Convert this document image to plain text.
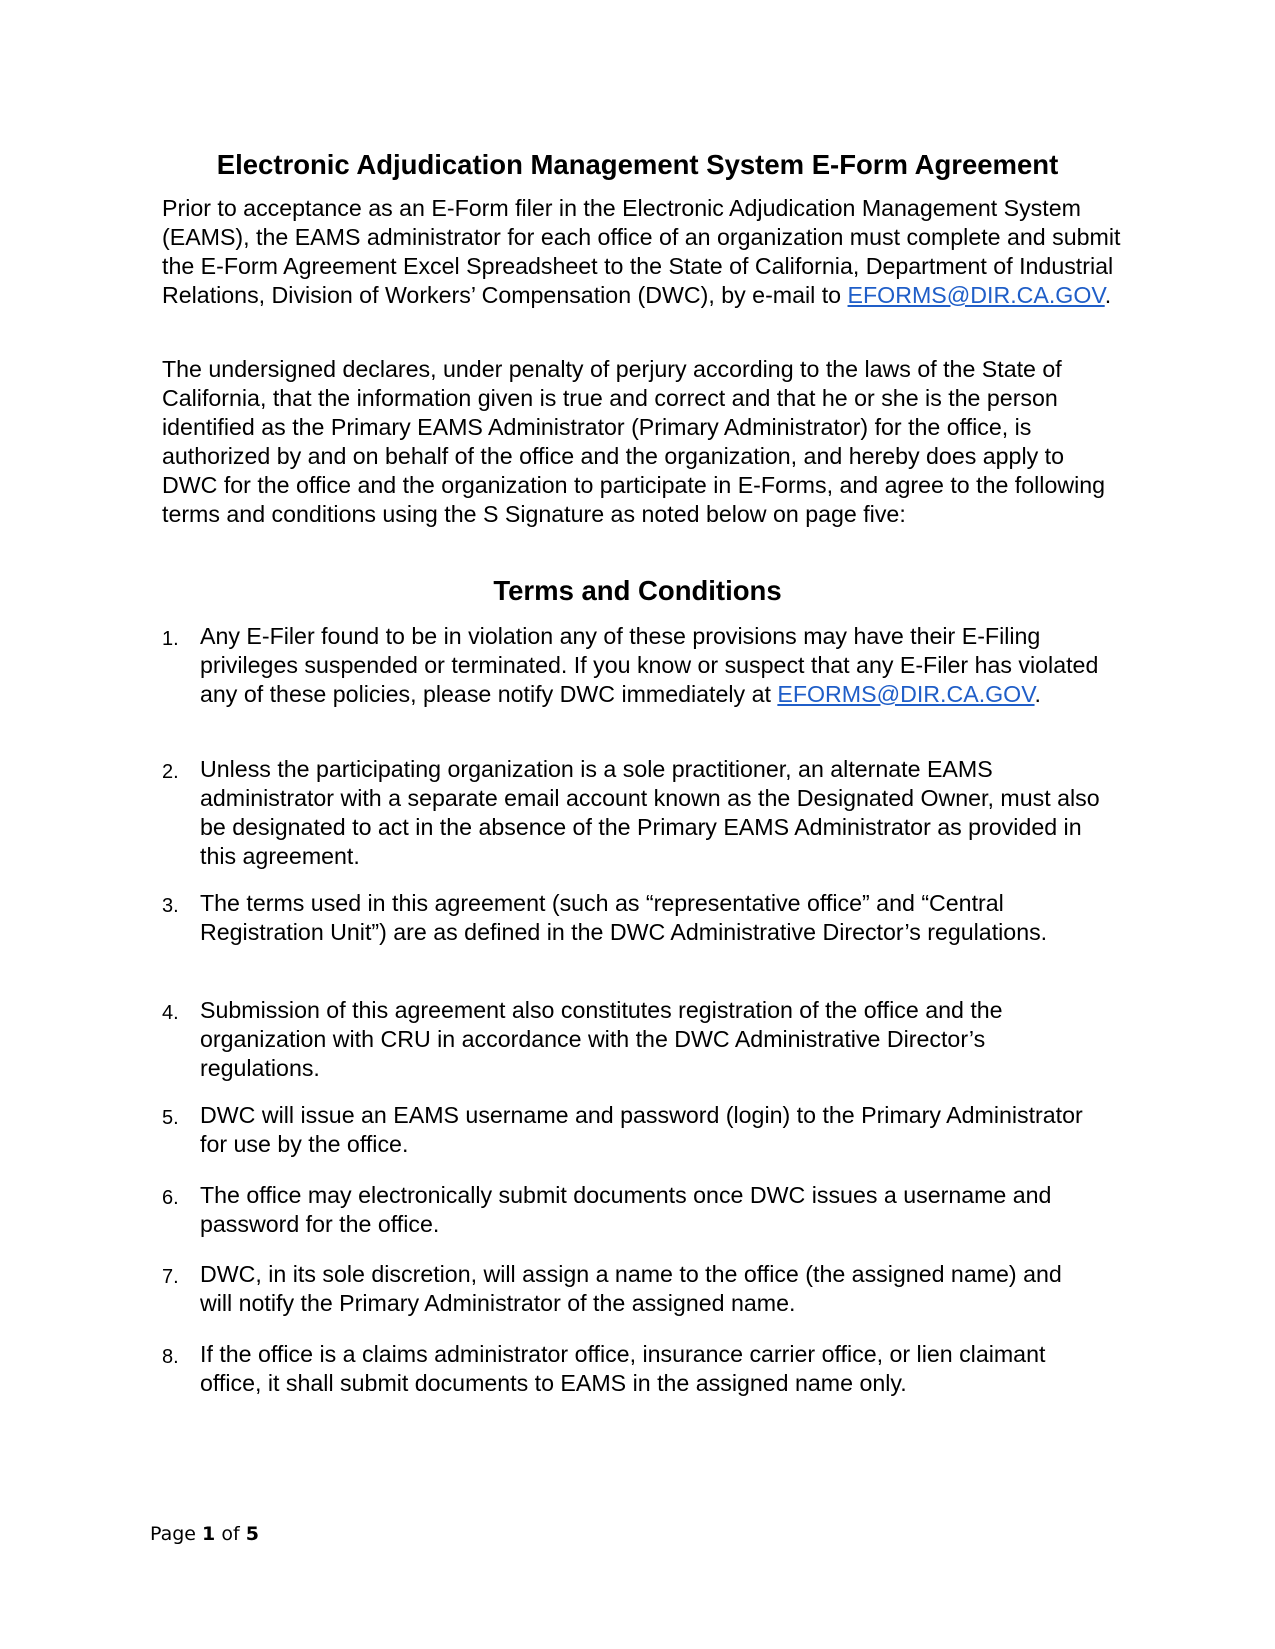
Electronic Adjudication Management System E-Form Agreement

Prior to acceptance as an E-Form filer in the Electronic Adjudication Management System (EAMS), the EAMS administrator for each office of an organization must complete and submit the E-Form Agreement Excel Spreadsheet to the State of California, Department of Industrial Relations, Division of Workers’ Compensation (DWC), by e-mail to EFORMS@DIR.CA.GOV.

The undersigned declares, under penalty of perjury according to the laws of the State of California, that the information given is true and correct and that he or she is the person identified as the Primary EAMS Administrator (Primary Administrator) for the office, is authorized by and on behalf of the office and the organization, and hereby does apply to DWC for the office and the organization to participate in E-Forms, and agree to the following terms and conditions using the S Signature as noted below on page five:

Terms and Conditions
1. Any E-Filer found to be in violation any of these provisions may have their E-Filing privileges suspended or terminated. If you know or suspect that any E-Filer has violated any of these policies, please notify DWC immediately at EFORMS@DIR.CA.GOV.
2. Unless the participating organization is a sole practitioner, an alternate EAMS administrator with a separate email account known as the Designated Owner, must also be designated to act in the absence of the Primary EAMS Administrator as provided in this agreement.
3. The terms used in this agreement (such as “representative office” and “Central Registration Unit”) are as defined in the DWC Administrative Director’s regulations.
4. Submission of this agreement also constitutes registration of the office and the organization with CRU in accordance with the DWC Administrative Director’s regulations.
5. DWC will issue an EAMS username and password (login) to the Primary Administrator for use by the office.
6. The office may electronically submit documents once DWC issues a username and password for the office.
7. DWC, in its sole discretion, will assign a name to the office (the assigned name) and will notify the Primary Administrator of the assigned name.
8. If the office is a claims administrator office, insurance carrier office, or lien claimant office, it shall submit documents to EAMS in the assigned name only.
Page 1 of 5
